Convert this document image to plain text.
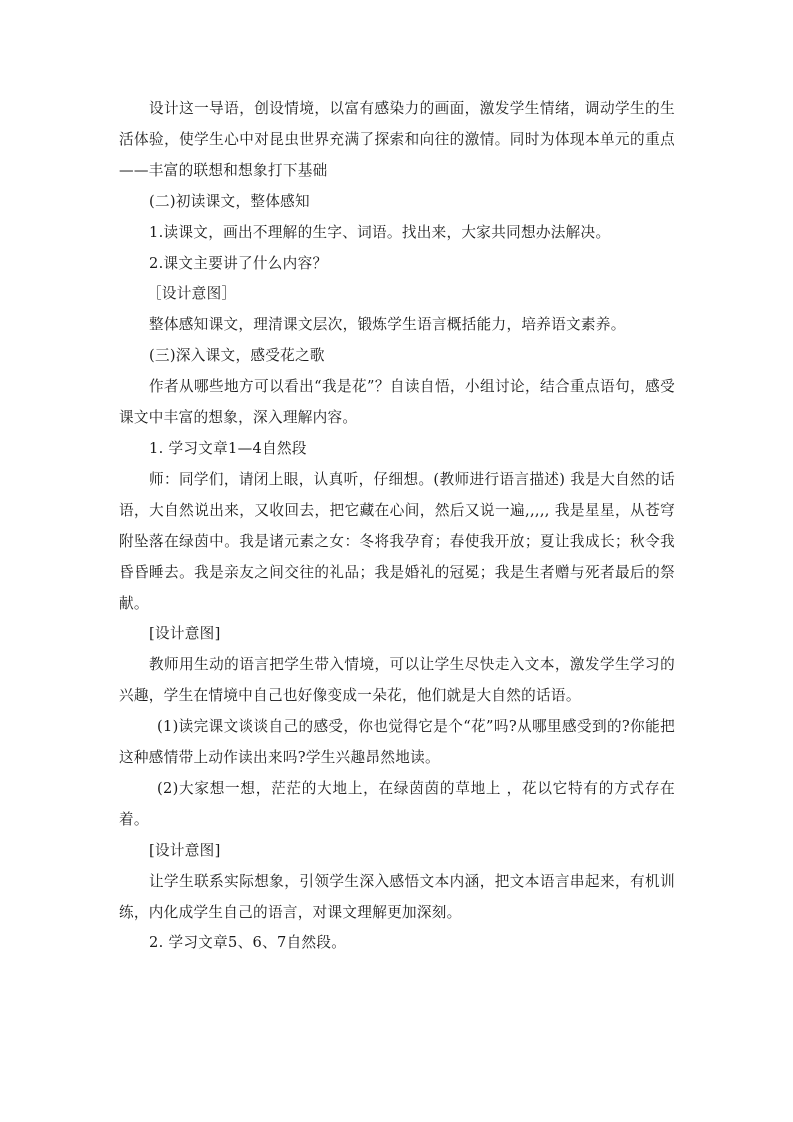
设计这一导语，创设情境，以富有感染力的画面，激发学生情绪，调动学生的生活体验，使学生心中对昆虫世界充满了探索和向往的激情。同时为体现本单元的重点——丰富的联想和想象打下基础

(二)初读课文，整体感知

1.读课文，画出不理解的生字、词语。找出来，大家共同想办法解决。

2.课文主要讲了什么内容？

［设计意图］

整体感知课文，理清课文层次，锻炼学生语言概括能力，培养语文素养。

(三)深入课文，感受花之歌

作者从哪些地方可以看出“我是花”？自读自悟，小组讨论，结合重点语句，感受课文中丰富的想象，深入理解内容。

1. 学习文章1—4自然段

师：同学们，请闭上眼，认真听，仔细想。(教师进行语言描述) 我是大自然的话语，大自然说出来，又收回去，把它藏在心间，然后又说一遍,,,,, 我是星星，从苍穹附坠落在绿茵中。我是诸元素之女：冬将我孕育；春使我开放；夏让我成长；秋令我昏昏睡去。我是亲友之间交往的礼品；我是婚礼的冠冕；我是生者赠与死者最后的祭献。

[设计意图]

教师用生动的语言把学生带入情境，可以让学生尽快走入文本，激发学生学习的兴趣，学生在情境中自己也好像变成一朵花，他们就是大自然的话语。

(1)读完课文谈谈自己的感受，你也觉得它是个“花”吗?从哪里感受到的?你能把这种感情带上动作读出来吗?学生兴趣昂然地读。

(2)大家想一想，茫茫的大地上，在绿茵茵的草地上 ，花以它特有的方式存在着。

[设计意图]

让学生联系实际想象，引领学生深入感悟文本内涵，把文本语言串起来，有机训练，内化成学生自己的语言，对课文理解更加深刻。

2. 学习文章5、6、7自然段。
